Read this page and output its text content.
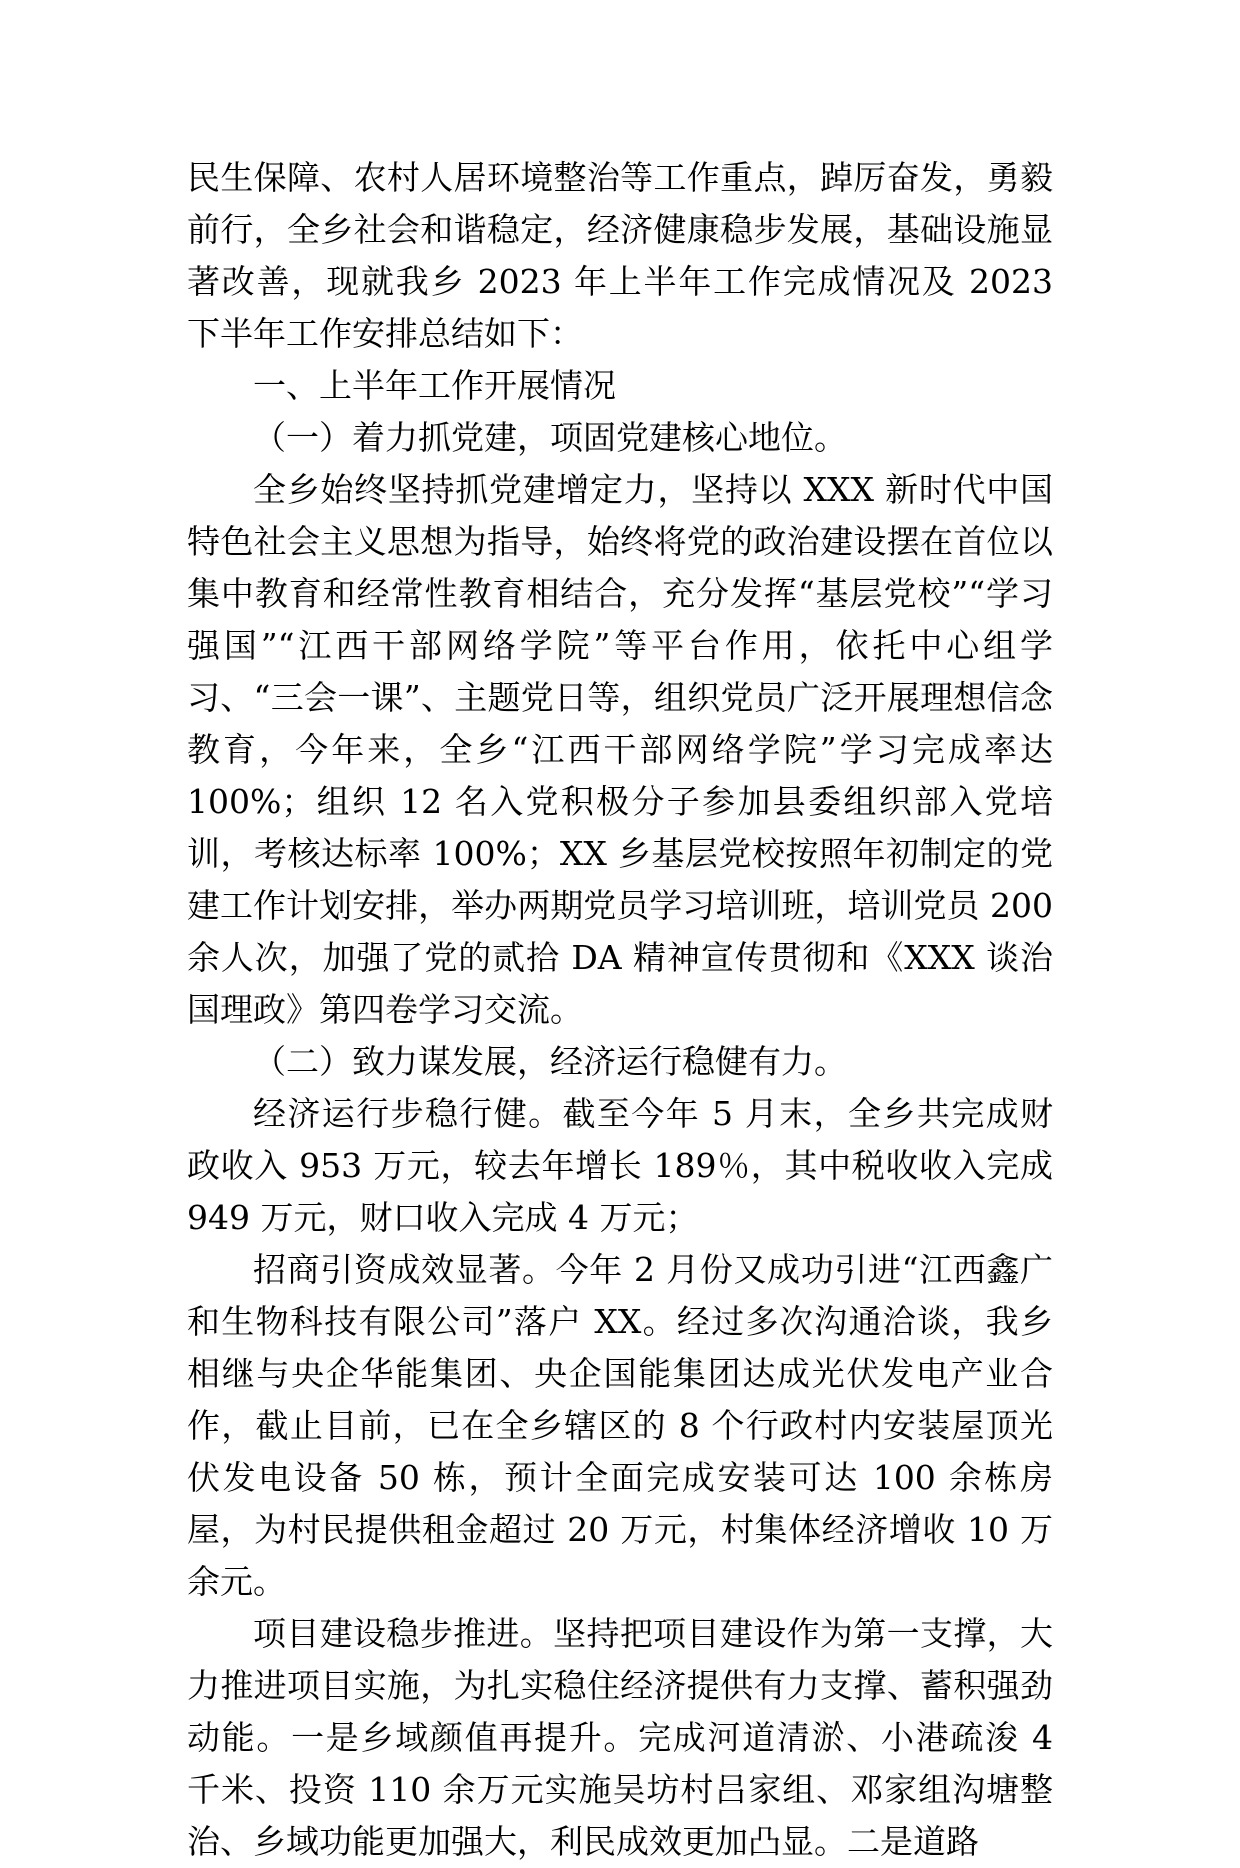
民生保障、农村人居环境整治等工作重点，踔厉奋发，勇毅前行，全乡社会和谐稳定，经济健康稳步发展，基础设施显著改善，现就我乡 2023 年上半年工作完成情况及 2023 下半年工作安排总结如下：

一、上半年工作开展情况

（一）着力抓党建，项固党建核心地位。

全乡始终坚持抓党建增定力，坚持以 XXX 新时代中国特色社会主义思想为指导，始终将党的政治建设摆在首位以集中教育和经常性教育相结合，充分发挥“基层党校”“学习强国”“江西干部网络学院”等平台作用，依托中心组学习、“三会一课”、主题党日等，组织党员广泛开展理想信念教育，今年来，全乡“江西干部网络学院”学习完成率达 100%；组织 12 名入党积极分子参加县委组织部入党培训，考核达标率 100%；XX 乡基层党校按照年初制定的党建工作计划安排，举办两期党员学习培训班，培训党员 200 余人次，加强了党的贰拾 DA 精神宣传贯彻和《XXX 谈治国理政》第四卷学习交流。

（二）致力谋发展，经济运行稳健有力。

经济运行步稳行健。截至今年 5 月末，全乡共完成财政收入 953 万元，较去年增长 189％，其中税收收入完成 949 万元，财口收入完成 4 万元；

招商引资成效显著。今年 2 月份又成功引进“江西鑫广和生物科技有限公司”落户 XX。经过多次沟通洽谈，我乡相继与央企华能集团、央企国能集团达成光伏发电产业合作，截止目前，已在全乡辖区的 8 个行政村内安装屋顶光伏发电设备 50 栋，预计全面完成安装可达 100 余栋房屋，为村民提供租金超过 20 万元，村集体经济增收 10 万余元。

项目建设稳步推进。坚持把项目建设作为第一支撑，大力推进项目实施，为扎实稳住经济提供有力支撑、蓄积强劲动能。一是乡域颜值再提升。完成河道清淤、小港疏浚 4 千米、投资 110 余万元实施吴坊村吕家组、邓家组沟塘整治、乡域功能更加强大，利民成效更加凸显。二是道路
